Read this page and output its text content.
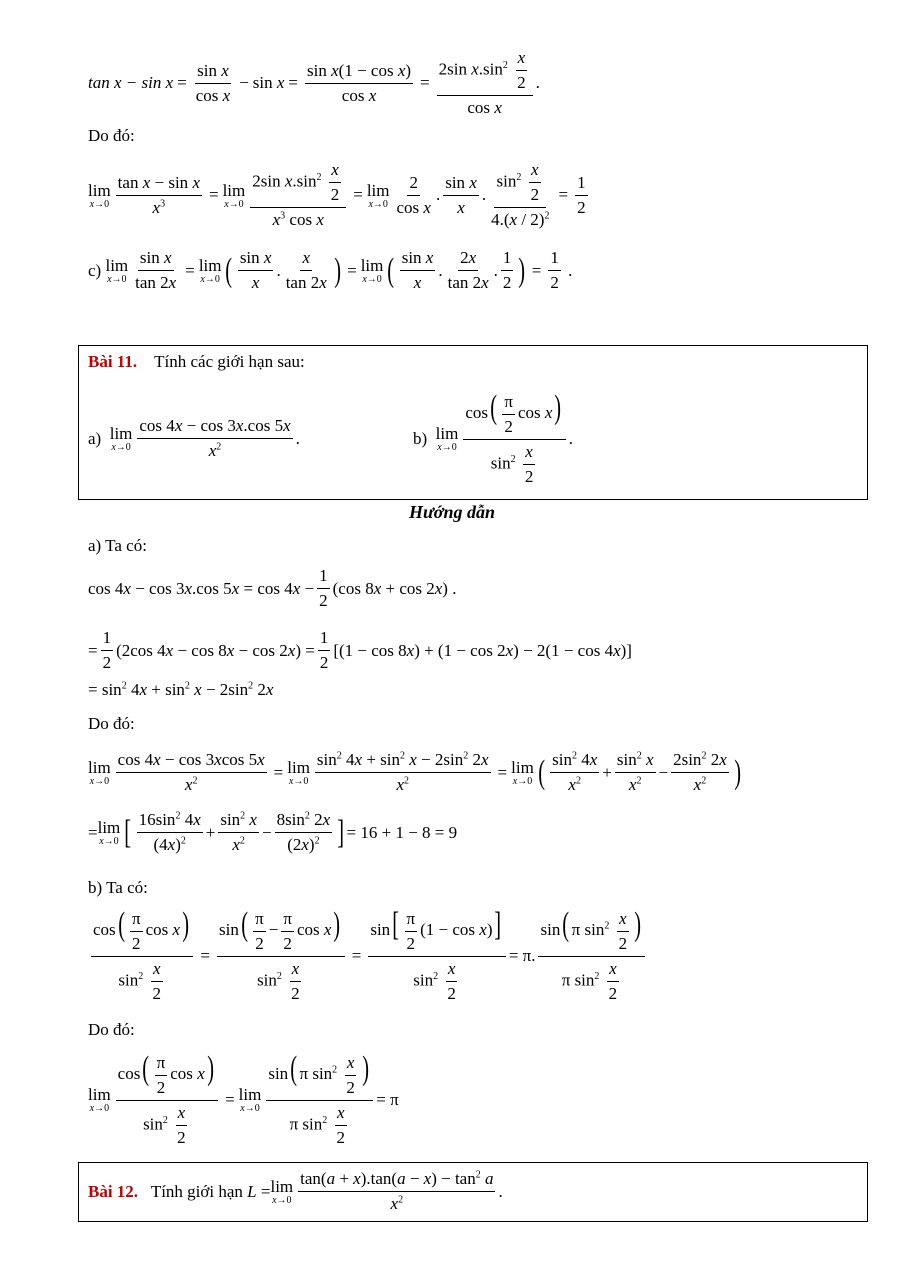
$\tan x - \sin x = \frac{\text{sin x}}{\text{cos x}} - \sin x = \frac{\text{sin x(1 − cos x)}}{\text{cos x}} = \frac{2\sin x.\sin^2 \frac{x}{2}}{\text{cos x}}$ .
Do đó:
lim
$x\to 0 \frac{\text{tan x − sin x}}{x^3} = \lim$
$x\to 0 \frac{2\sin x.\sin^2 \frac{x}{2}}{x^3 \cos x} = \lim$
$x\to 0 \frac{2}{\text{cos x}}$ . $\frac{\text{sin x}}{x}$ . $\frac{\sin^2 \frac{x}{2}}{4.(x / 2)^2} = \frac{1}{2}$
c) lim
$x\to 0 \frac{\text{sin x}}{\tan 2x} = \lim$
x→0 ( $\frac{\text{sin x}}{x}$ . $\frac{x}{\tan 2x}$ ) = lim
x→0 ( $\frac{\text{sin x}}{x}$ . $\frac{2x}{\tan 2x}$ . $\frac{1}{2}$ ) = $\frac{1}{2}$ .
Bài 11. Tính các giới hạn sau:
a)
lim
$x\to 0 \frac{\cos 4x - \cos 3x.\cos 5x}{x^2}$ .	b)
lim
$x\to 0 \frac{\cos( \frac{\pi}{2} \cos x)}{\sin^2 \frac{x}{2}}$ .
Hướng dẫn
a) Ta có:
cos 4x − cos 3x.cos $5x = \cos 4x - \frac{1}{2} (\cos$ 8x + cos 2x) .
= $\frac{1}{2} (2\cos$ $4x - \cos 8x - \cos 2x) = \frac{1}{2} [(1 - \cos 8x) + (1 - \cos 2x) - 2(1 - \cos 4x)]$
= $\sin^2 4x + \sin^2 x - 2\sin^2$ 2x
Do đó:
lim
$x\to 0 \frac{\cos 4x - \cos 3xcos 5x}{x^2} = \lim$
$x\to 0 \frac{\sin^2 4x + \sin^2 x - 2\sin^2 2x}{x^2} = \lim$
x→0 ( $\frac{\sin^2 4x}{x^2} + \frac{\sin^2 x}{x^2} - \frac{2\sin^2 2x}{x^2}$ )
= lim
x→0 [ $\frac{16\sin^2 4x}{(4x)^2} + \frac{\sin^2 x}{x^2} - \frac{8\sin^2 2x}{(2x)^2}$ ] = 16 + 1 − 8 = 9
b) Ta có:
$\frac{\cos( \frac{\pi}{2} \cos x)}{\sin^2 \frac{x}{2}} = \frac{\sin( \frac{\pi}{2} - \frac{\pi}{2} \cos x)}{\sin^2 \frac{x}{2}} = \frac{\sin[ \frac{\pi}{2} (1 - \cos x)]}{\sin^2 \frac{x}{2}} = \pi$. $\frac{\sin( \pi \sin^2 \frac{x}{2} )}{\pi \sin^2 \frac{x}{2}}$
Do đó:
lim
$x\to 0 \frac{\cos( \frac{\pi}{2} \cos x)}{\sin^2 \frac{x}{2}} = \lim$
$x\to 0 \frac{\sin( \pi \sin^2 \frac{x}{2} )}{\pi \sin^2 \frac{x}{2}} = \pi$
Bài 12.
Tính giới hạn
L = lim
$x\to 0 \frac{\tan(a + x).\tan(a - x) - \tan^2 a}{x^2}$ .
